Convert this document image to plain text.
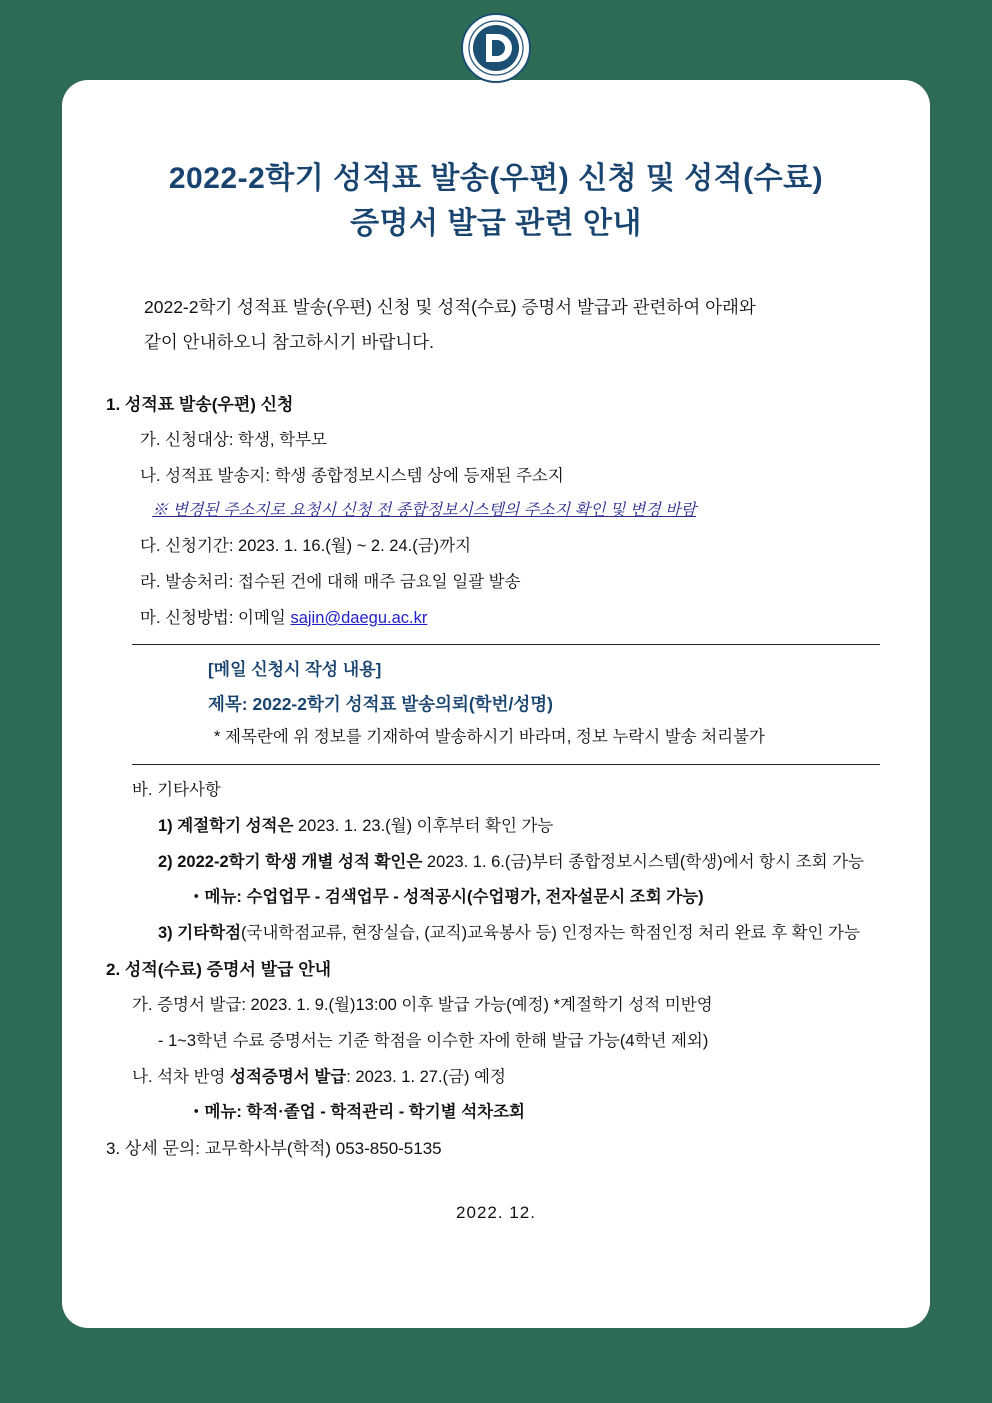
2022-2학기 성적표 발송(우편) 신청 및 성적(수료)
증명서 발급 관련 안내
2022-2학기 성적표 발송(우편) 신청 및 성적(수료) 증명서 발급과 관련하여 아래와
같이 안내하오니 참고하시기 바랍니다.
1. 성적표 발송(우편) 신청
가. 신청대상: 학생, 학부모
나. 성적표 발송지: 학생 종합정보시스템 상에 등재된 주소지
※ 변경된 주소지로 요청시 신청 전 종합정보시스템의 주소지 확인 및 변경 바람
다. 신청기간: 2023. 1. 16.(월) ~ 2. 24.(금)까지
라. 발송처리: 접수된 건에 대해 매주 금요일 일괄 발송
마. 신청방법: 이메일 sajin@daegu.ac.kr
[메일 신청시 작성 내용]
제목: 2022-2학기 성적표 발송의뢰(학번/성명)
* 제목란에 위 정보를 기재하여 발송하시기 바라며, 정보 누락시 발송 처리불가
바. 기타사항
1) 계절학기 성적은 2023. 1. 23.(월) 이후부터 확인 가능
2) 2022-2학기 학생 개별 성적 확인은 2023. 1. 6.(금)부터 종합정보시스템(학생)에서 항시 조회 가능
・메뉴: 수업업무 - 검색업무 - 성적공시(수업평가, 전자설문시 조회 가능)
3) 기타학점(국내학점교류, 현장실습, (교직)교육봉사 등) 인정자는 학점인정 처리 완료 후 확인 가능
2. 성적(수료) 증명서 발급 안내
가. 증명서 발급: 2023. 1. 9.(월)13:00 이후 발급 가능(예정) *계절학기 성적 미반영
- 1~3학년 수료 증명서는 기준 학점을 이수한 자에 한해 발급 가능(4학년 제외)
나. 석차 반영 성적증명서 발급: 2023. 1. 27.(금) 예정
・메뉴: 학적·졸업 - 학적관리 - 학기별 석차조회
3. 상세 문의: 교무학사부(학적) 053-850-5135
2022. 12.
